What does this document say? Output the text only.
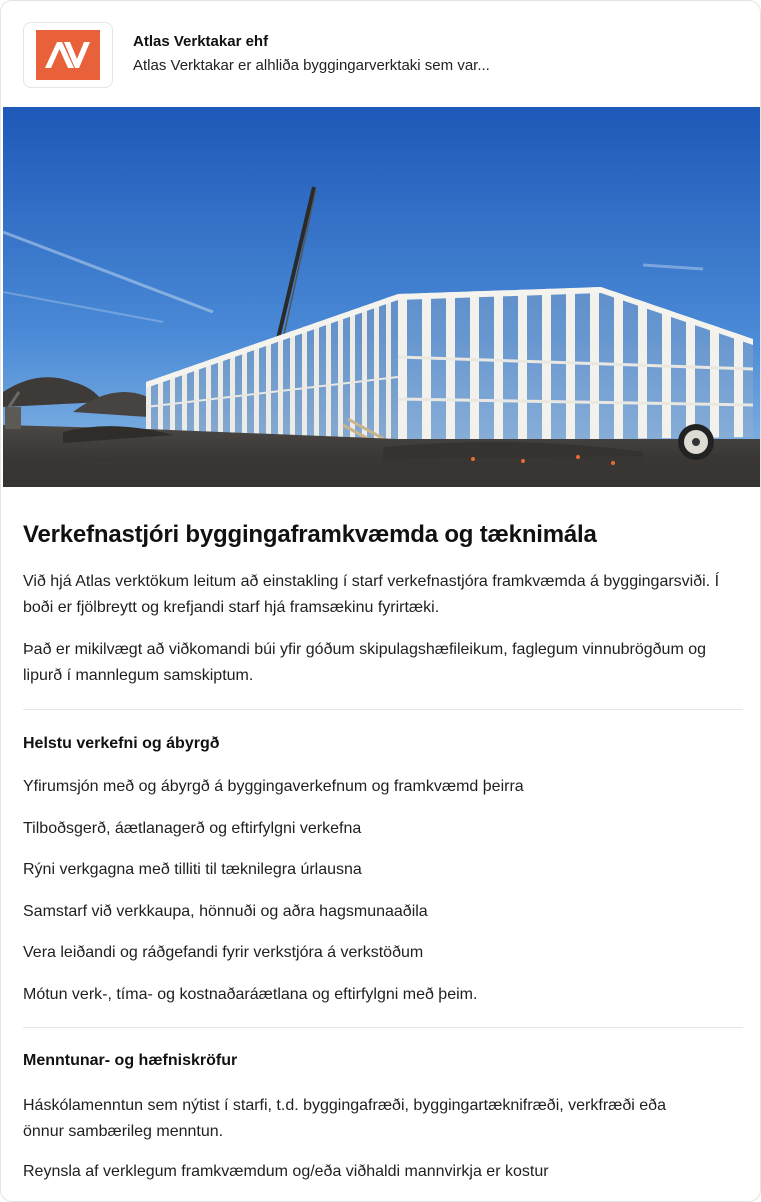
Atlas Verktakar ehf
Atlas Verktakar er alhliða byggingarverktaki sem var...
Verkefnastjóri byggingaframkvæmda og tæknimála
Við hjá Atlas verktökum leitum að einstakling í starf verkefnastjóra framkvæmda á byggingarsviði. Í boði er fjölbreytt og krefjandi starf hjá framsækinu fyrirtæki.
Það er mikilvægt að viðkomandi búi yfir góðum skipulagshæfileikum, faglegum vinnubrögðum og lipurð í mannlegum samskiptum.
Helstu verkefni og ábyrgð
Yfirumsjón með og ábyrgð á byggingaverkefnum og framkvæmd þeirra
Tilboðsgerð, áætlanagerð og eftirfylgni verkefna
Rýni verkgagna með tilliti til tæknilegra úrlausna
Samstarf við verkkaupa, hönnuði og aðra hagsmunaaðila
Vera leiðandi og ráðgefandi fyrir verkstjóra á verkstöðum
Mótun verk-, tíma- og kostnaðaráætlana og eftirfylgni með þeim.
Menntunar- og hæfniskröfur
Háskólamenntun sem nýtist í starfi, t.d. byggingafræði, byggingartæknifræði, verkfræði eða önnur sambærileg menntun.
Reynsla af verklegum framkvæmdum og/eða viðhaldi mannvirkja er kostur
